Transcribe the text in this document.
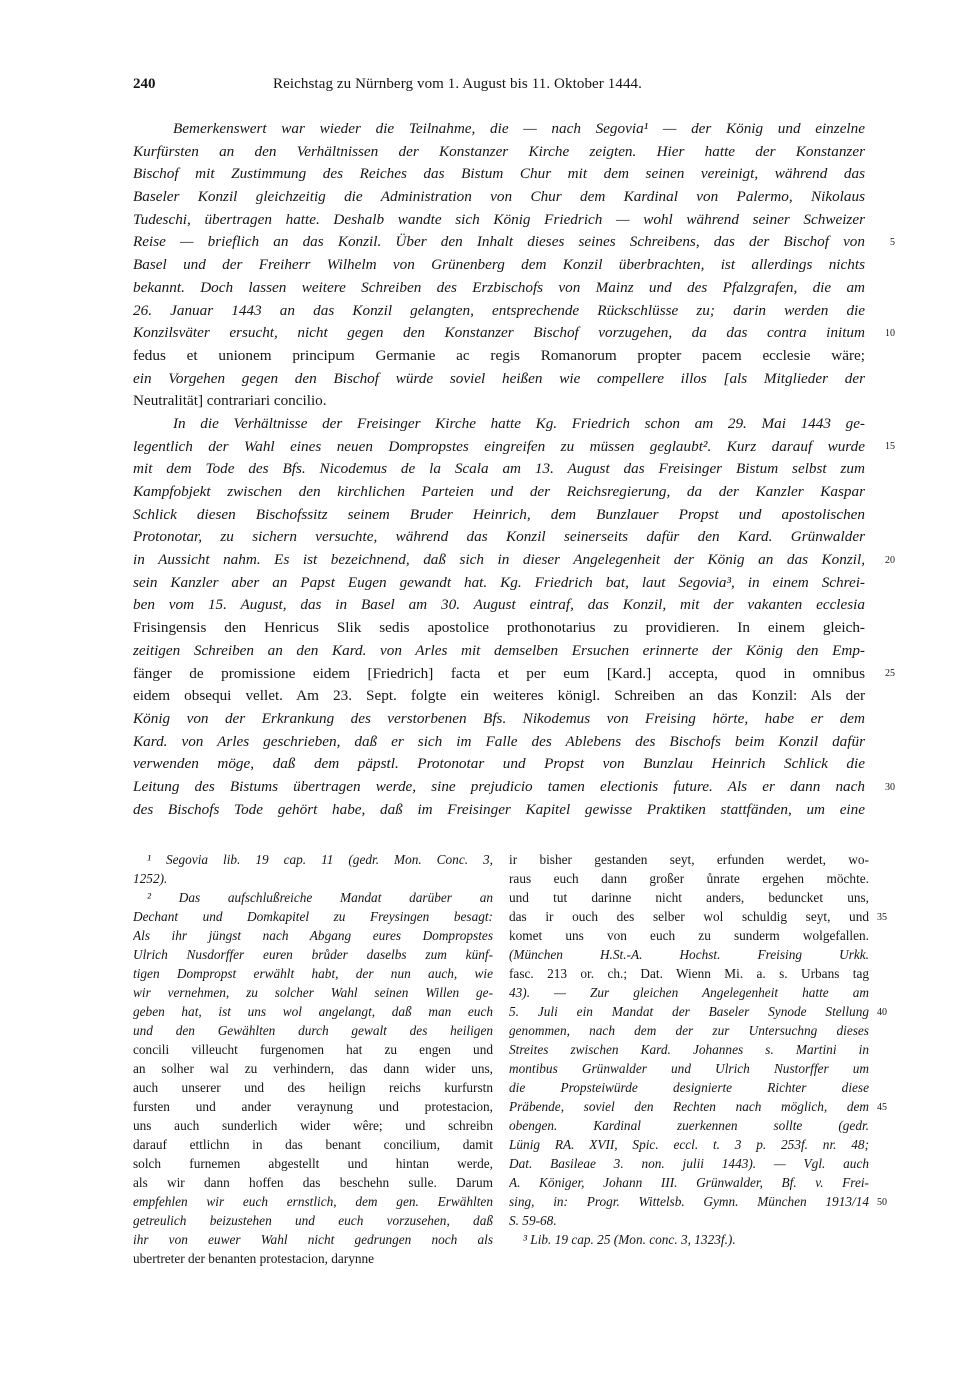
240	Reichstag zu Nürnberg vom 1. August bis 11. Oktober 1444.
Bemerkenswert war wieder die Teilnahme, die — nach Segovia¹ — der König und einzelne
Kurfürsten an den Verhältnissen der Konstanzer Kirche zeigten. Hier hatte der Konstanzer
Bischof mit Zustimmung des Reiches das Bistum Chur mit dem seinen vereinigt, während das
Baseler Konzil gleichzeitig die Administration von Chur dem Kardinal von Palermo, Nikolaus
Tudeschi, übertragen hatte. Deshalb wandte sich König Friedrich — wohl während seiner Schweizer
Reise — brieflich an das Konzil. Über den Inhalt dieses seines Schreibens, das der Bischof von
Basel und der Freiherr Wilhelm von Grünenberg dem Konzil überbrachten, ist allerdings nichts
bekannt. Doch lassen weitere Schreiben des Erzbischofs von Mainz und des Pfalzgrafen, die am
26. Januar 1443 an das Konzil gelangten, entsprechende Rückschlüsse zu; darin werden die
Konzilsväter ersucht, nicht gegen den Konstanzer Bischof vorzugehen, da das contra initum
fedus et unionem principum Germanie ac regis Romanorum propter pacem ecclesie wäre;
ein Vorgehen gegen den Bischof würde soviel heißen wie compellere illos [als Mitglieder der
Neutralität] contrariari concilio.
In die Verhältnisse der Freisinger Kirche hatte Kg. Friedrich schon am 29. Mai 1443 ge-
legentlich der Wahl eines neuen Dompropstes eingreifen zu müssen geglaubt². Kurz darauf wurde
mit dem Tode des Bfs. Nicodemus de la Scala am 13. August das Freisinger Bistum selbst zum
Kampfobjekt zwischen den kirchlichen Parteien und der Reichsregierung, da der Kanzler Kaspar
Schlick diesen Bischofssitz seinem Bruder Heinrich, dem Bunzlauer Propst und apostolischen
Protonotar, zu sichern versuchte, während das Konzil seinerseits dafür den Kard. Grünwalder
in Aussicht nahm. Es ist bezeichnend, daß sich in dieser Angelegenheit der König an das Konzil,
sein Kanzler aber an Papst Eugen gewandt hat. Kg. Friedrich bat, laut Segovia³, in einem Schrei-
ben vom 15. August, das in Basel am 30. August eintraf, das Konzil, mit der vakanten ecclesia
Frisingensis den Henricus Slik sedis apostolice prothonotarius zu providieren. In einem gleich-
zeitigen Schreiben an den Kard. von Arles mit demselben Ersuchen erinnerte der König den Emp-
fänger de promissione eidem [Friedrich] facta et per eum [Kard.] accepta, quod in omnibus
eidem obsequi vellet. Am 23. Sept. folgte ein weiteres königl. Schreiben an das Konzil: Als der
König von der Erkrankung des verstorbenen Bfs. Nikodemus von Freising hörte, habe er dem
Kard. von Arles geschrieben, daß er sich im Falle des Ablebens des Bischofs beim Konzil dafür
verwenden möge, daß dem päpstl. Protonotar und Propst von Bunzlau Heinrich Schlick die
Leitung des Bistums übertragen werde, sine prejudicio tamen electionis future. Als er dann nach
des Bischofs Tode gehört habe, daß im Freisinger Kapitel gewisse Praktiken stattfänden, um eine
5
10
15
20
25
30
¹ Segovia lib. 19 cap. 11 (gedr. Mon. Conc. 3,
1252).
² Das aufschlußreiche Mandat darüber an
Dechant und Domkapitel zu Freysingen besagt:
Als ihr jüngst nach Abgang eures Dompropstes
Ulrich Nusdorffer euren brůder daselbs zum künf-
tigen Dompropst erwählt habt, der nun auch, wie
wir vernehmen, zu solcher Wahl seinen Willen ge-
geben hat, ist uns wol angelangt, daß man euch
und den Gewählten durch gewalt des heiligen
concili villeucht furgenomen hat zu engen und
an solher wal zu verhindern, das dann wider uns,
auch unserer und des heilign reichs kurfurstn
fursten und ander veraynung und protestacion,
uns auch sunderlich wider wêre; und schreibn
darauf ettlichn in das benant concilium, damit
solch furnemen abgestellt und hintan werde,
als wir dann hoffen das beschehn sulle. Darum
empfehlen wir euch ernstlich, dem gen. Erwählten
getreulich beizustehen und euch vorzusehen, daß
ihr von euwer Wahl nicht gedrungen noch als
ubertreter der benanten protestacion, darynne
ir bisher gestanden seyt, erfunden werdet, wo-
raus euch dann großer ůnrate ergehen möchte.
und tut darinne nicht anders, beduncket uns,
das ir ouch des selber wol schuldig seyt, und
komet uns von euch zu sunderm wolgefallen.
(München H.St.-A. Hochst. Freising Urkk.
fasc. 213 or. ch.; Dat. Wienn Mi. a. s. Urbans tag
43). — Zur gleichen Angelegenheit hatte am
5. Juli ein Mandat der Baseler Synode Stellung
genommen, nach dem der zur Untersuchng dieses
Streites zwischen Kard. Johannes s. Martini in
montibus Grünwalder und Ulrich Nustorffer um
die Propsteiwürde designierte Richter diese
Präbende, soviel den Rechten nach möglich, dem
obengen. Kardinal zuerkennen sollte (gedr.
Lünig RA. XVII, Spic. eccl. t. 3 p. 253f. nr. 48;
Dat. Basileae 3. non. julii 1443). — Vgl. auch
A. Königer, Johann III. Grünwalder, Bf. v. Frei-
sing, in: Progr. Wittelsb. Gymn. München 1913/14
S. 59-68.
³ Lib. 19 cap. 25 (Mon. conc. 3, 1323f.).
35
40
45
50
